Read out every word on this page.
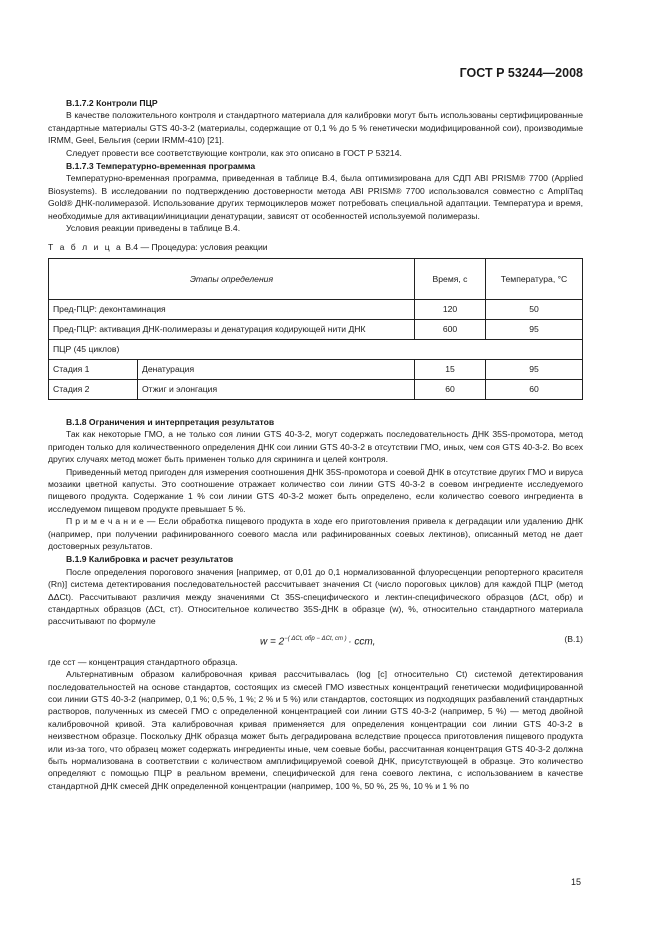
ГОСТ Р 53244—2008
В.1.7.2 Контроли ПЦР

В качестве положительного контроля и стандартного материала для калибровки могут быть использованы сертифицированные стандартные материалы GTS 40-3-2 (материалы, содержащие от 0,1 % до 5 % генетически модифицированной сои), производимые IRMM, Geel, Бельгия (серии IRMM-410) [21].

Следует провести все соответствующие контроли, как это описано в ГОСТ Р 53214.

В.1.7.3 Температурно-временная программа

Температурно-временная программа, приведенная в таблице В.4, была оптимизирована для СДП ABI PRISM® 7700 (Applied Biosystems). В исследовании по подтверждению достоверности метода ABI PRISM® 7700 использовался совместно с AmpliTaq Gold® ДНК-полимеразой. Использование других термоциклеров может потребовать специальной адаптации. Температура и время, необходимые для активации/инициации денатурации, зависят от особенностей используемой полимеразы.

Условия реакции приведены в таблице В.4.

Т а б л и ц а В.4 — Процедура: условия реакции

Этапы определения		Время, с	Температура, °С
Пред-ПЦР: деконтаминация		120	50
Пред-ПЦР: активация ДНК-полимеразы и денатурация кодирующей нити ДНК		600	95
ПЦР (45 циклов)			
Стадия 1	Денатурация	15	95
Стадия 2	Отжиг и элонгация	60	60
В.1.8 Ограничения и интерпретация результатов

Так как некоторые ГМО, а не только соя линии GTS 40-3-2, могут содержать последовательность ДНК 35S-промотора, метод пригоден только для количественного определения ДНК сои линии GTS 40-3-2 в отсутствии ГМО, иных, чем соя GTS 40-3-2. Во всех других случаях метод может быть применен только для скрининга и целей контроля.

Приведенный метод пригоден для измерения соотношения ДНК 35S-промотора и соевой ДНК в отсутствие других ГМО и вируса мозаики цветной капусты. Это соотношение отражает количество сои линии GTS 40-3-2 в соевом ингредиенте исследуемого пищевого продукта. Содержание 1 % сои линии GTS 40-3-2 может быть определено, если количество соевого ингредиента в исследуемом пищевом продукте превышает 5 %.

П р и м е ч а н и е — Если обработка пищевого продукта в ходе его приготовления привела к деградации или удалению ДНК (например, при получении рафинированного соевого масла или рафинированных соевых лектинов), описанный метод не дает достоверных результатов.

В.1.9 Калибровка и расчет результатов

После определения порогового значения [например, от 0,01 до 0,1 нормализованной флуоресценции репортерного красителя (Rn)] система детектирования последовательностей рассчитывает значения Ct (число пороговых циклов) для каждой ПЦР (метод ΔΔCt). Рассчитывают различия между значениями Ct 35S-специфического и лектин-специфического образцов (ΔCt, обр) и стандартных образцов (ΔCt, ст). Относительное количество 35S-ДНК в образце (w), %, относительно стандартного материала рассчитывают по формуле

$w = 2^{-( \Delta Ct, обр - \Delta Ct, ст )}$ · cст,	(В.1)

где cст — концентрация стандартного образца.

Альтернативным образом калибровочная кривая рассчитывалась (log [c] относительно Ct) системой детектирования последовательностей на основе стандартов, состоящих из смесей ГМО известных концентраций генетически модифицированной сои линии GTS 40-3-2 (например, 0,1 %; 0,5 %, 1 %; 2 % и 5 %) или стандартов, состоящих из подходящих разбавлений стандартных растворов, полученных из смесей ГМО с определенной концентрацией сои линии GTS 40-3-2 (например, 5 %) — метод двойной калибровочной кривой. Эта калибровочная кривая применяется для определения концентрации сои линии GTS 40-3-2 в неизвестном образце. Поскольку ДНК образца может быть деградирована вследствие процесса приготовления пищевого продукта или из-за того, что образец может содержать ингредиенты иные, чем соевые бобы, рассчитанная концентрация GTS 40-3-2 должна быть нормализована в соответствии с количеством амплифицируемой соевой ДНК, присутствующей в образце. Это количество определяют с помощью ПЦР в реальном времени, специфической для гена соевого лектина, с использованием в качестве стандартной ДНК смесей ДНК определенной концентрации (например, 100 %, 50 %, 25 %, 10 % и 1 % по

15
